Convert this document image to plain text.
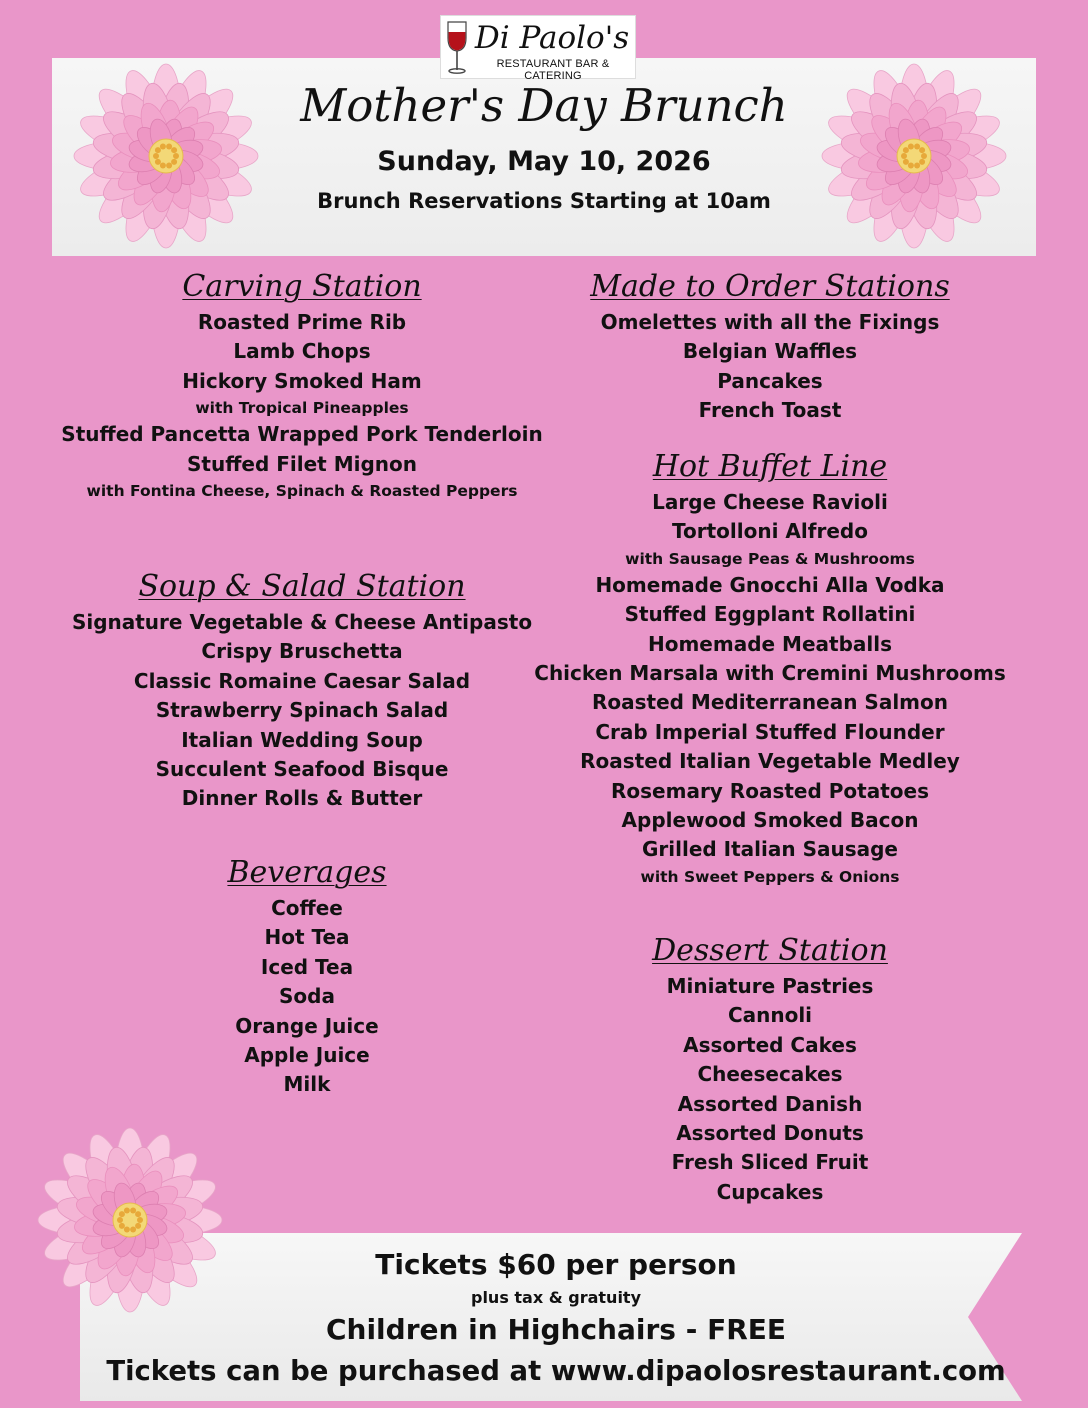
Di Paolo's
RESTAURANT BAR & CATERING
Mother's Day Brunch
Sunday, May 10, 2026
Brunch Reservations Starting at 10am
Carving Station
Roasted Prime Rib
Lamb Chops
Hickory Smoked Ham
with Tropical Pineapples
Stuffed Pancetta Wrapped Pork Tenderloin
Stuffed Filet Mignon
with Fontina Cheese, Spinach & Roasted Peppers
Soup & Salad Station
Signature Vegetable & Cheese Antipasto
Crispy Bruschetta
Classic Romaine Caesar Salad
Strawberry Spinach Salad
Italian Wedding Soup
Succulent Seafood Bisque
Dinner Rolls & Butter
Beverages
Coffee
Hot Tea
Iced Tea
Soda
Orange Juice
Apple Juice
Milk
Made to Order Stations
Omelettes with all the Fixings
Belgian Waffles
Pancakes
French Toast
Hot Buffet Line
Large Cheese Ravioli
Tortolloni Alfredo
with Sausage Peas & Mushrooms
Homemade Gnocchi Alla Vodka
Stuffed Eggplant Rollatini
Homemade Meatballs
Chicken Marsala with Cremini Mushrooms
Roasted Mediterranean Salmon
Crab Imperial Stuffed Flounder
Roasted Italian Vegetable Medley
Rosemary Roasted Potatoes
Applewood Smoked Bacon
Grilled Italian Sausage
with Sweet Peppers & Onions
Dessert Station
Miniature Pastries
Cannoli
Assorted Cakes
Cheesecakes
Assorted Danish
Assorted Donuts
Fresh Sliced Fruit
Cupcakes
Tickets $60 per person
plus tax & gratuity
Children in Highchairs - FREE
Tickets can be purchased at www.dipaolosrestaurant.com
